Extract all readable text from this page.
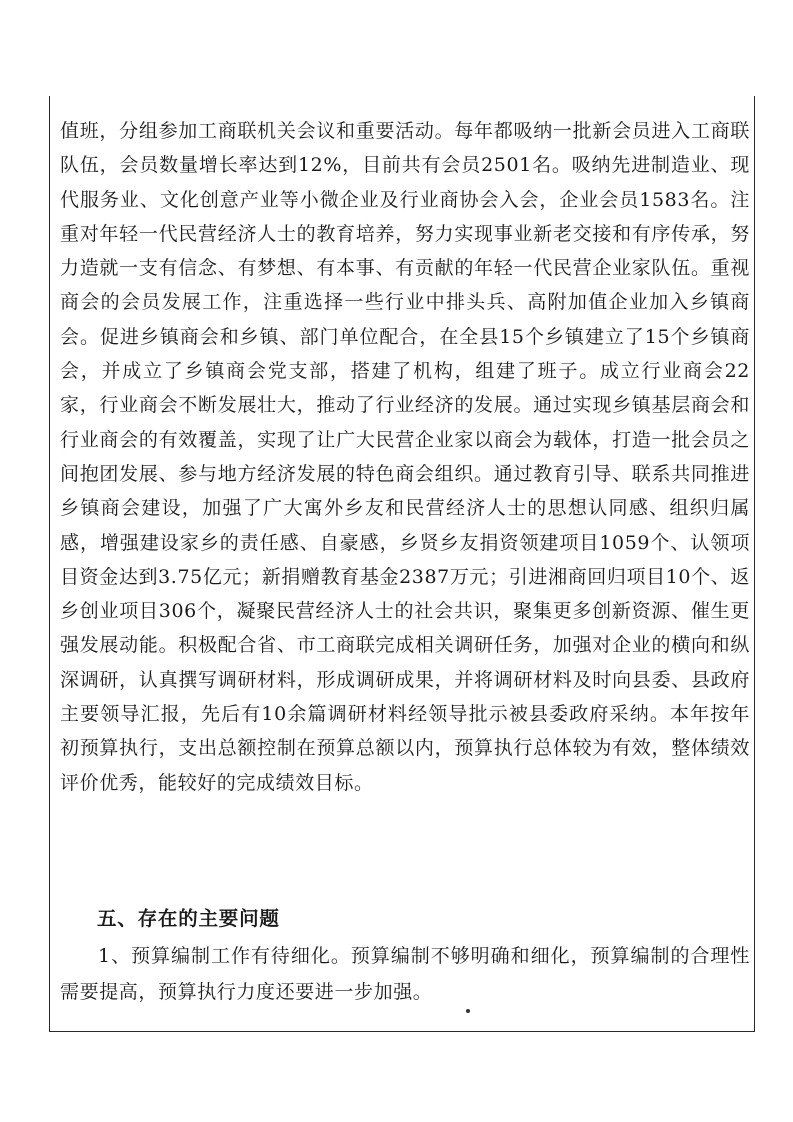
值班，分组参加工商联机关会议和重要活动。每年都吸纳一批新会员进入工商联队伍，会员数量增长率达到12%，目前共有会员2501名。吸纳先进制造业、现代服务业、文化创意产业等小微企业及行业商协会入会，企业会员1583名。注重对年轻一代民营经济人士的教育培养，努力实现事业新老交接和有序传承，努力造就一支有信念、有梦想、有本事、有贡献的年轻一代民营企业家队伍。重视商会的会员发展工作，注重选择一些行业中排头兵、高附加值企业加入乡镇商会。促进乡镇商会和乡镇、部门单位配合，在全县15个乡镇建立了15个乡镇商会，并成立了乡镇商会党支部，搭建了机构，组建了班子。成立行业商会22家，行业商会不断发展壮大，推动了行业经济的发展。通过实现乡镇基层商会和行业商会的有效覆盖，实现了让广大民营企业家以商会为载体，打造一批会员之间抱团发展、参与地方经济发展的特色商会组织。通过教育引导、联系共同推进乡镇商会建设，加强了广大寓外乡友和民营经济人士的思想认同感、组织归属感，增强建设家乡的责任感、自豪感，乡贤乡友捐资领建项目1059个、认领项目资金达到3.75亿元；新捐赠教育基金2387万元；引进湘商回归项目10个、返乡创业项目306个，凝聚民营经济人士的社会共识，聚集更多创新资源、催生更强发展动能。积极配合省、市工商联完成相关调研任务，加强对企业的横向和纵深调研，认真撰写调研材料，形成调研成果，并将调研材料及时向县委、县政府主要领导汇报，先后有10余篇调研材料经领导批示被县委政府采纳。本年按年初预算执行，支出总额控制在预算总额以内，预算执行总体较为有效，整体绩效评价优秀，能较好的完成绩效目标。

五、存在的主要问题

1、预算编制工作有待细化。预算编制不够明确和细化，预算编制的合理性需要提高，预算执行力度还要进一步加强。
